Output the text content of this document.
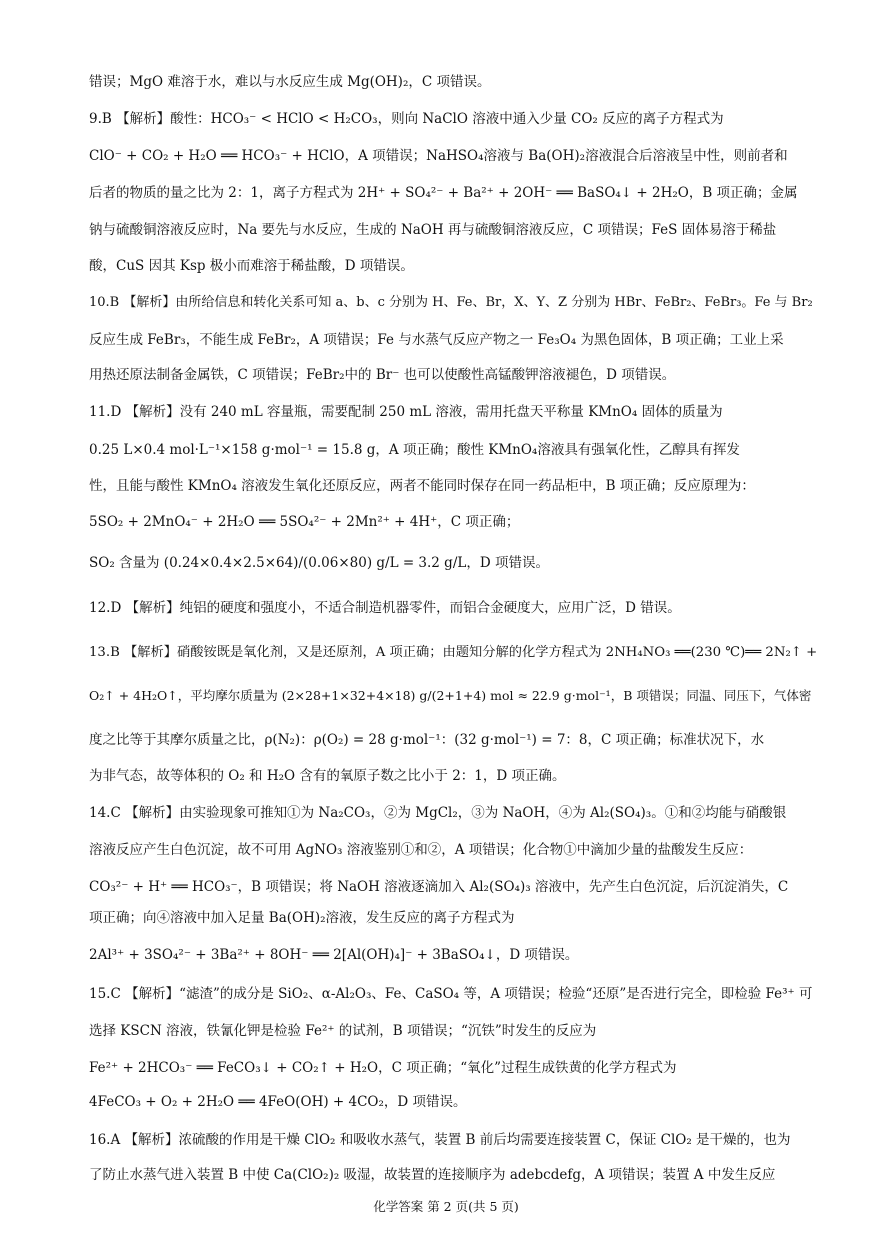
错误；MgO 难溶于水，难以与水反应生成 Mg(OH)₂，C 项错误。
9.B 【解析】酸性：HCO₃⁻ < HClO < H₂CO₃，则向 NaClO 溶液中通入少量 CO₂ 反应的离子方程式为
ClO⁻ + CO₂ + H₂O ══ HCO₃⁻ + HClO，A 项错误；NaHSO₄溶液与 Ba(OH)₂溶液混合后溶液呈中性，则前者和
后者的物质的量之比为 2：1，离子方程式为 2H⁺ + SO₄²⁻ + Ba²⁺ + 2OH⁻ ══ BaSO₄↓ + 2H₂O，B 项正确；金属
钠与硫酸铜溶液反应时，Na 要先与水反应，生成的 NaOH 再与硫酸铜溶液反应，C 项错误；FeS 固体易溶于稀盐
酸，CuS 因其 Ksp 极小而难溶于稀盐酸，D 项错误。
10.B 【解析】由所给信息和转化关系可知 a、b、c 分别为 H、Fe、Br，X、Y、Z 分别为 HBr、FeBr₂、FeBr₃。Fe 与 Br₂
反应生成 FeBr₃，不能生成 FeBr₂，A 项错误；Fe 与水蒸气反应产物之一 Fe₃O₄ 为黑色固体，B 项正确；工业上采
用热还原法制备金属铁，C 项错误；FeBr₂中的 Br⁻ 也可以使酸性高锰酸钾溶液褪色，D 项错误。
11.D 【解析】没有 240 mL 容量瓶，需要配制 250 mL 溶液，需用托盘天平称量 KMnO₄ 固体的质量为
0.25 L×0.4 mol·L⁻¹×158 g·mol⁻¹ = 15.8 g，A 项正确；酸性 KMnO₄溶液具有强氧化性，乙醇具有挥发
性，且能与酸性 KMnO₄ 溶液发生氧化还原反应，两者不能同时保存在同一药品柜中，B 项正确；反应原理为：
5SO₂ + 2MnO₄⁻ + 2H₂O ══ 5SO₄²⁻ + 2Mn²⁺ + 4H⁺，C 项正确；
SO₂ 含量为 (0.24×0.4×2.5×64)/(0.06×80) g/L = 3.2 g/L，D 项错误。
12.D 【解析】纯铝的硬度和强度小，不适合制造机器零件，而铝合金硬度大，应用广泛，D 错误。
13.B 【解析】硝酸铵既是氧化剂，又是还原剂，A 项正确；由题知分解的化学方程式为 2NH₄NO₃ ══(230 ℃)══ 2N₂↑ +
O₂↑ + 4H₂O↑，平均摩尔质量为 (2×28+1×32+4×18) g/(2+1+4) mol ≈ 22.9 g·mol⁻¹，B 项错误；同温、同压下，气体密
度之比等于其摩尔质量之比，ρ(N₂)：ρ(O₂) = 28 g·mol⁻¹：(32 g·mol⁻¹) = 7：8，C 项正确；标准状况下，水
为非气态，故等体积的 O₂ 和 H₂O 含有的氧原子数之比小于 2：1，D 项正确。
14.C 【解析】由实验现象可推知①为 Na₂CO₃，②为 MgCl₂，③为 NaOH，④为 Al₂(SO₄)₃。①和②均能与硝酸银
溶液反应产生白色沉淀，故不可用 AgNO₃ 溶液鉴别①和②，A 项错误；化合物①中滴加少量的盐酸发生反应：
CO₃²⁻ + H⁺ ══ HCO₃⁻，B 项错误；将 NaOH 溶液逐滴加入 Al₂(SO₄)₃ 溶液中，先产生白色沉淀，后沉淀消失，C
项正确；向④溶液中加入足量 Ba(OH)₂溶液，发生反应的离子方程式为
2Al³⁺ + 3SO₄²⁻ + 3Ba²⁺ + 8OH⁻ ══ 2[Al(OH)₄]⁻ + 3BaSO₄↓，D 项错误。
15.C 【解析】“滤渣”的成分是 SiO₂、α-Al₂O₃、Fe、CaSO₄ 等，A 项错误；检验“还原”是否进行完全，即检验 Fe³⁺ 可
选择 KSCN 溶液，铁氰化钾是检验 Fe²⁺ 的试剂，B 项错误；“沉铁”时发生的反应为
Fe²⁺ + 2HCO₃⁻ ══ FeCO₃↓ + CO₂↑ + H₂O，C 项正确；“氧化”过程生成铁黄的化学方程式为
4FeCO₃ + O₂ + 2H₂O ══ 4FeO(OH) + 4CO₂，D 项错误。
16.A 【解析】浓硫酸的作用是干燥 ClO₂ 和吸收水蒸气，装置 B 前后均需要连接装置 C，保证 ClO₂ 是干燥的，也为
了防止水蒸气进入装置 B 中使 Ca(ClO₂)₂ 吸湿，故装置的连接顺序为 adebcdefg，A 项错误；装置 A 中发生反应
化学答案 第 2 页(共 5 页)
